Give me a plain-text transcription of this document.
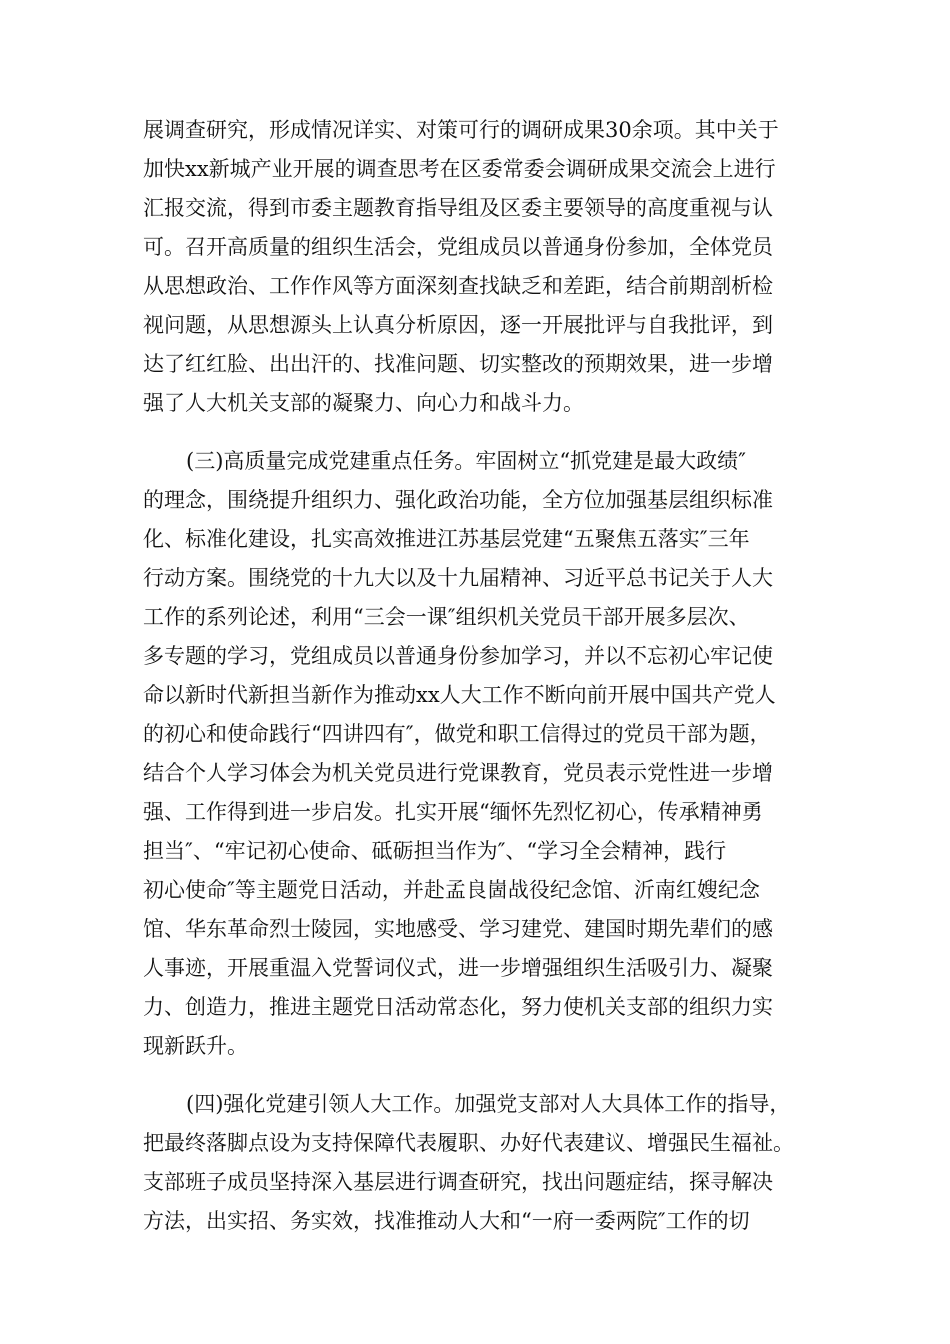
展调查研究，形成情况详实、对策可行的调研成果30余项。其中关于
加快xx新城产业开展的调查思考在区委常委会调研成果交流会上进行
汇报交流，得到市委主题教育指导组及区委主要领导的高度重视与认
可。召开高质量的组织生活会，党组成员以普通身份参加，全体党员
从思想政治、工作作风等方面深刻查找缺乏和差距，结合前期剖析检
视问题，从思想源头上认真分析原因，逐一开展批评与自我批评，到
达了红红脸、出出汗的、找准问题、切实整改的预期效果，进一步增
强了人大机关支部的凝聚力、向心力和战斗力。
(三)高质量完成党建重点任务。牢固树立“抓党建是最大政绩″
的理念，围绕提升组织力、强化政治功能，全方位加强基层组织标准
化、标准化建设，扎实高效推进江苏基层党建“五聚焦五落实″三年
行动方案。围绕党的十九大以及十九届精神、习近平总书记关于人大
工作的系列论述，利用“三会一课″组织机关党员干部开展多层次、
多专题的学习，党组成员以普通身份参加学习，并以不忘初心牢记使
命以新时代新担当新作为推动xx人大工作不断向前开展中国共产党人
的初心和使命践行“四讲四有″，做党和职工信得过的党员干部为题，
结合个人学习体会为机关党员进行党课教育，党员表示党性进一步增
强、工作得到进一步启发。扎实开展“缅怀先烈忆初心，传承精神勇
担当″、“牢记初心使命、砥砺担当作为″、“学习全会精神，践行
初心使命″等主题党日活动，并赴孟良崮战役纪念馆、沂南红嫂纪念
馆、华东革命烈士陵园，实地感受、学习建党、建国时期先辈们的感
人事迹，开展重温入党誓词仪式，进一步增强组织生活吸引力、凝聚
力、创造力，推进主题党日活动常态化，努力使机关支部的组织力实
现新跃升。
(四)强化党建引领人大工作。加强党支部对人大具体工作的指导，
把最终落脚点设为支持保障代表履职、办好代表建议、增强民生福祉。
支部班子成员坚持深入基层进行调查研究，找出问题症结，探寻解决
方法，出实招、务实效，找准推动人大和“一府一委两院″工作的切
